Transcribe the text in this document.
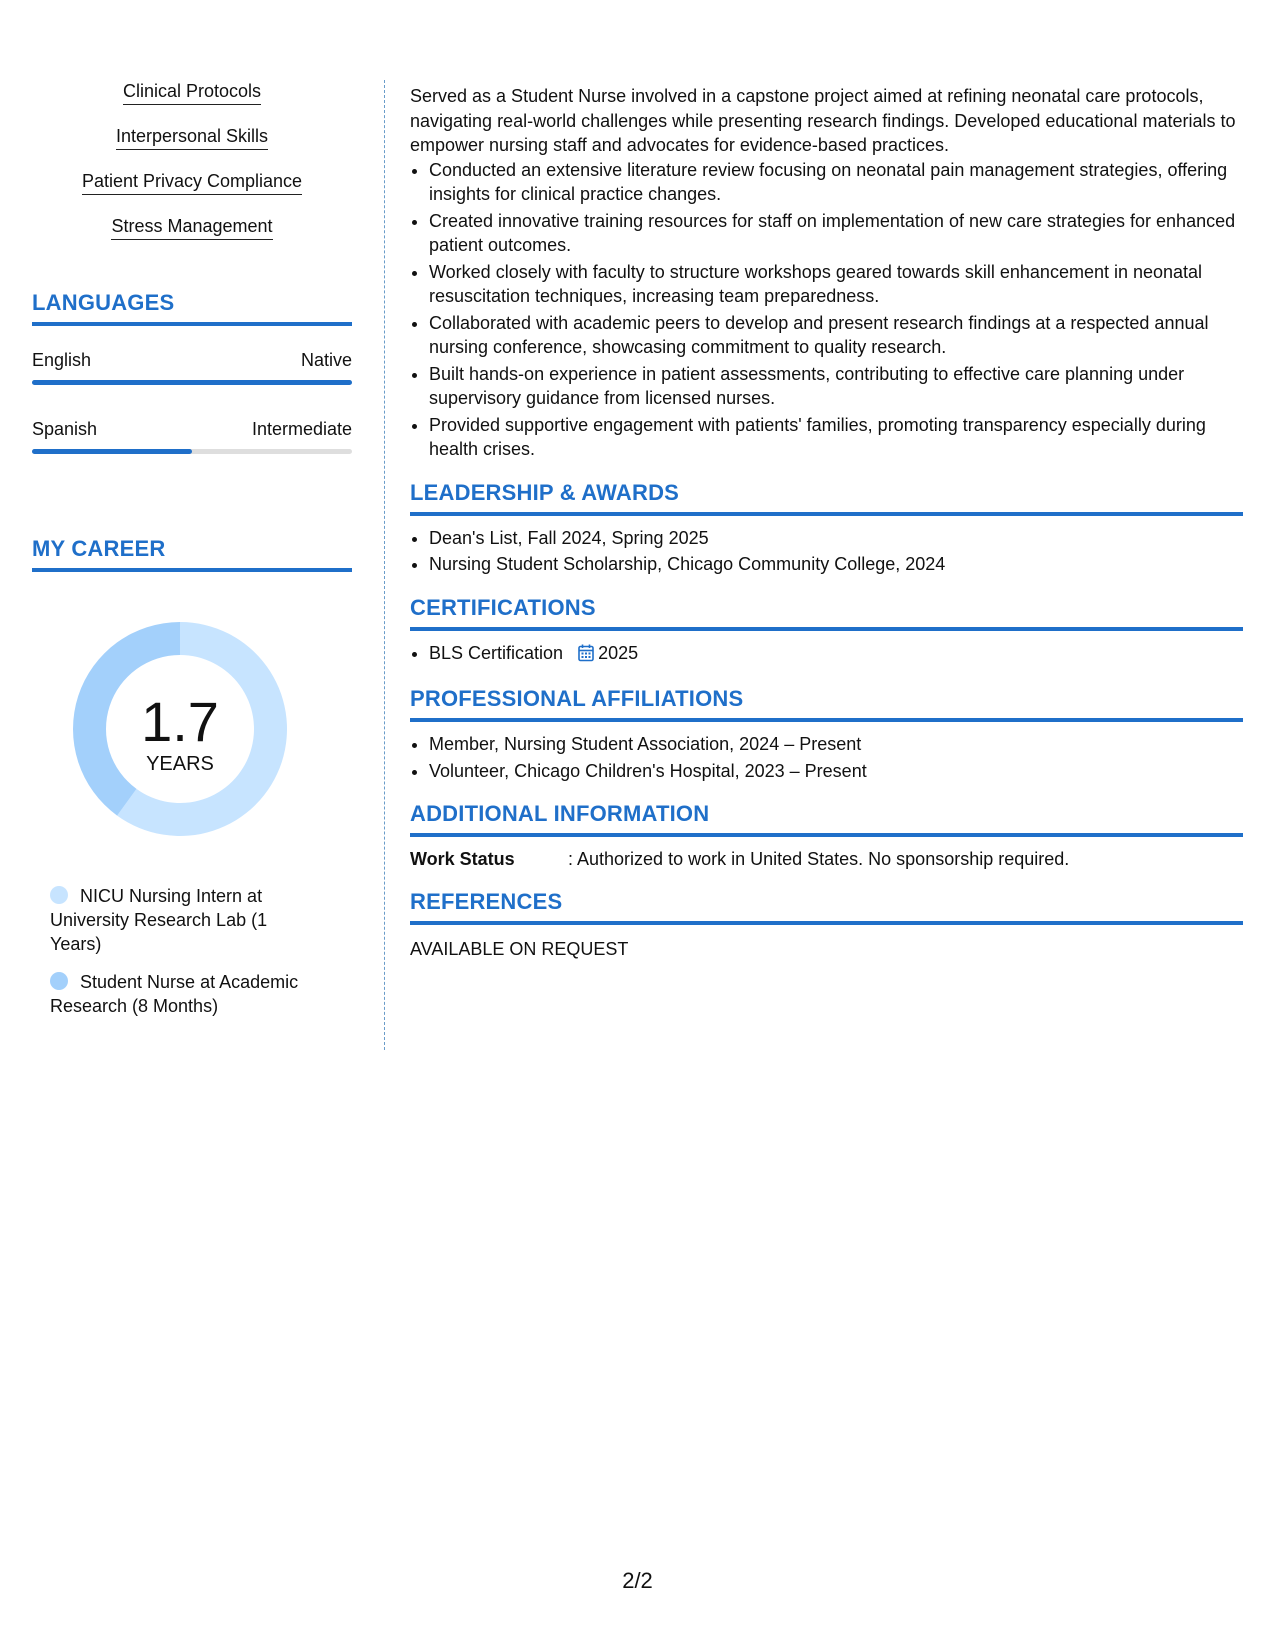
Clinical Protocols
Interpersonal Skills
Patient Privacy Compliance
Stress Management
LANGUAGES
English	Native
Spanish	Intermediate
MY CAREER
1.7
YEARS
NICU Nursing Intern at University Research Lab (1 Years)
Student Nurse at Academic Research (8 Months)

Served as a Student Nurse involved in a capstone project aimed at refining neonatal care protocols, navigating real-world challenges while presenting research findings. Developed educational materials to empower nursing staff and advocates for evidence-based practices.

• Conducted an extensive literature review focusing on neonatal pain management strategies, offering insights for clinical practice changes.
• Created innovative training resources for staff on implementation of new care strategies for enhanced patient outcomes.
• Worked closely with faculty to structure workshops geared towards skill enhancement in neonatal resuscitation techniques, increasing team preparedness.
• Collaborated with academic peers to develop and present research findings at a respected annual nursing conference, showcasing commitment to quality research.
• Built hands-on experience in patient assessments, contributing to effective care planning under supervisory guidance from licensed nurses.
• Provided supportive engagement with patients' families, promoting transparency especially during health crises.
LEADERSHIP & AWARDS
• Dean's List, Fall 2024, Spring 2025
• Nursing Student Scholarship, Chicago Community College, 2024
CERTIFICATIONS
• BLS Certification 2025
PROFESSIONAL AFFILIATIONS
• Member, Nursing Student Association, 2024 – Present
• Volunteer, Chicago Children's Hospital, 2023 – Present
ADDITIONAL INFORMATION
Work Status	: Authorized to work in United States. No sponsorship required.
REFERENCES
AVAILABLE ON REQUEST
2/2
